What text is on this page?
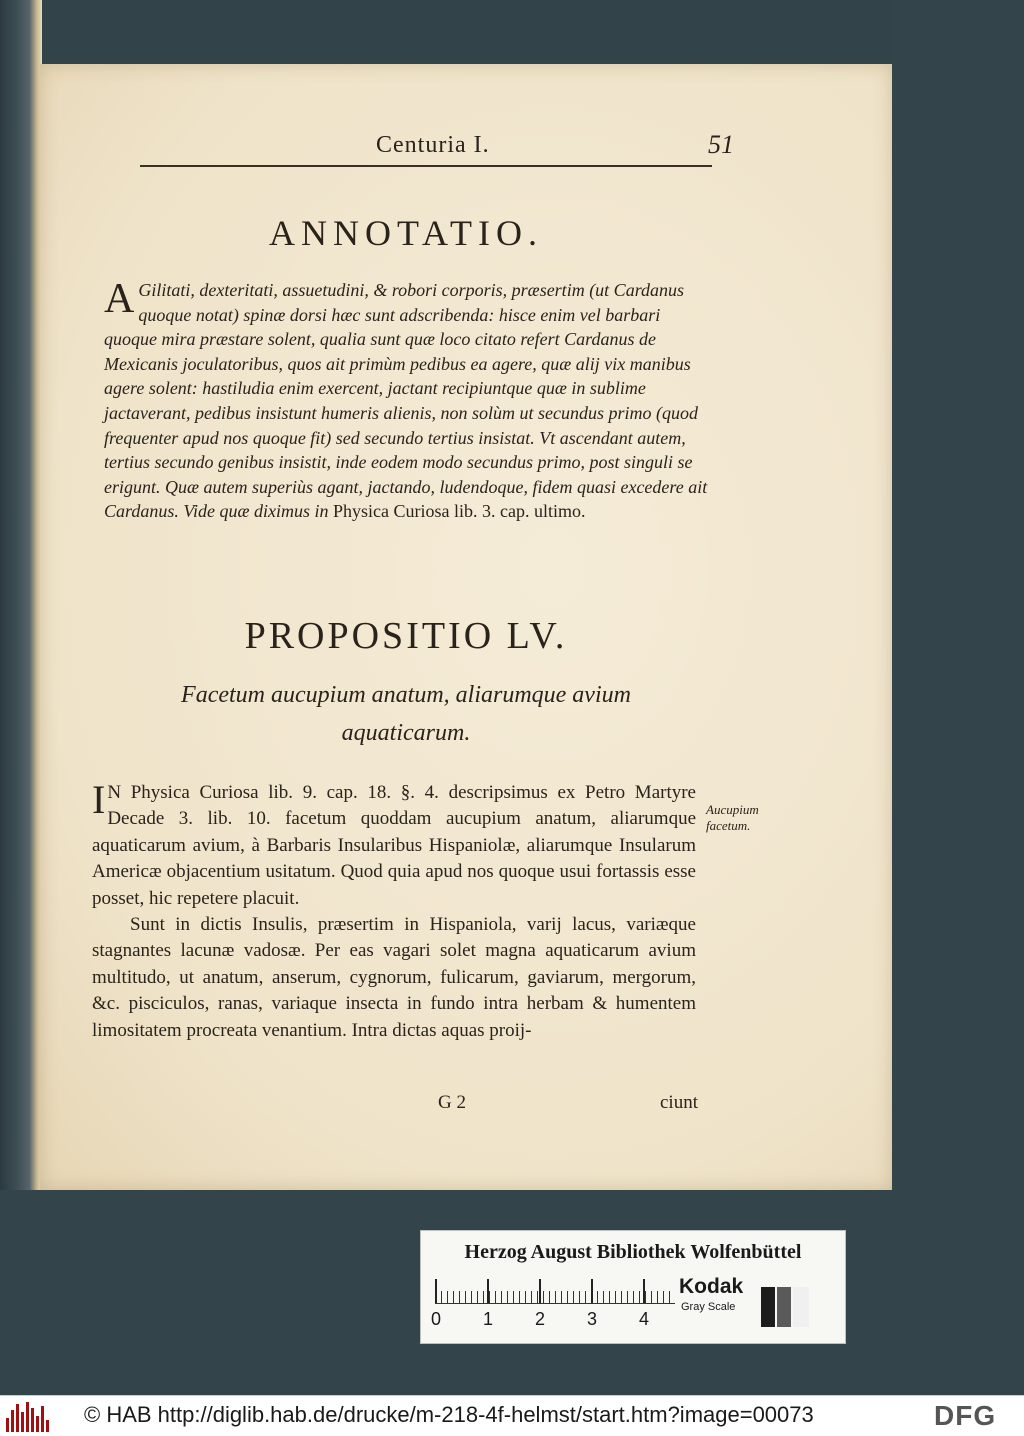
Centuria I.	51
ANNOTATIO.
A Gilitati, dexteritati, assuetudini, & robori corporis, præsertim (ut Cardanus quoque notat) spinæ dorsi hæc sunt adscribenda: hisce enim vel barbari quoque mira præstare solent, qualia sunt quæ loco citato refert Cardanus de Mexicanis joculatoribus, quos ait primùm pedibus ea agere, quæ alij vix manibus agere solent: hastiludia enim exercent, jactant recipiuntque quæ in sublime jactaverant, pedibus insistunt humeris alienis, non solùm ut secundus primo (quod frequenter apud nos quoque fit) sed secundo tertius insistat. Vt ascendant autem, tertius secundo genibus insistit, inde eodem modo secundus primo, post singuli se erigunt. Quæ autem superiùs agant, jactando, ludendoque, fidem quasi excedere ait Cardanus. Vide quæ diximus in Physica Curiosa lib. 3. cap. ultimo.
PROPOSITIO LV.
Facetum aucupium anatum, aliarumque avium
aquaticarum.
Aucupium facetum.

I N Physica Curiosa lib. 9. cap. 18. §. 4. descripsimus ex Petro Martyre Decade 3. lib. 10. facetum quoddam aucupium anatum, aliarumque aquaticarum avium, à Barbaris Insularibus Hispaniolæ, aliarumque Insularum Americæ objacentium usitatum. Quod quia apud nos quoque usui fortassis esse posset, hic repetere placuit.

Sunt in dictis Insulis, præsertim in Hispaniola, varij lacus, variæque stagnantes lacunæ vadosæ. Per eas vagari solet magna aquaticarum avium multitudo, ut anatum, anserum, cygnorum, fulicarum, gaviarum, mergorum, &c. pisciculos, ranas, variaque insecta in fundo intra herbam & humentem limositatem procreata venantium. Intra dictas aquas proij-

G 2	ciunt
Herzog August Bibliothek Wolfenbüttel
0 1 2 3 4
Kodak
Gray Scale
© HAB http://diglib.hab.de/drucke/m-218-4f-helmst/start.htm?image=00073	DFG
